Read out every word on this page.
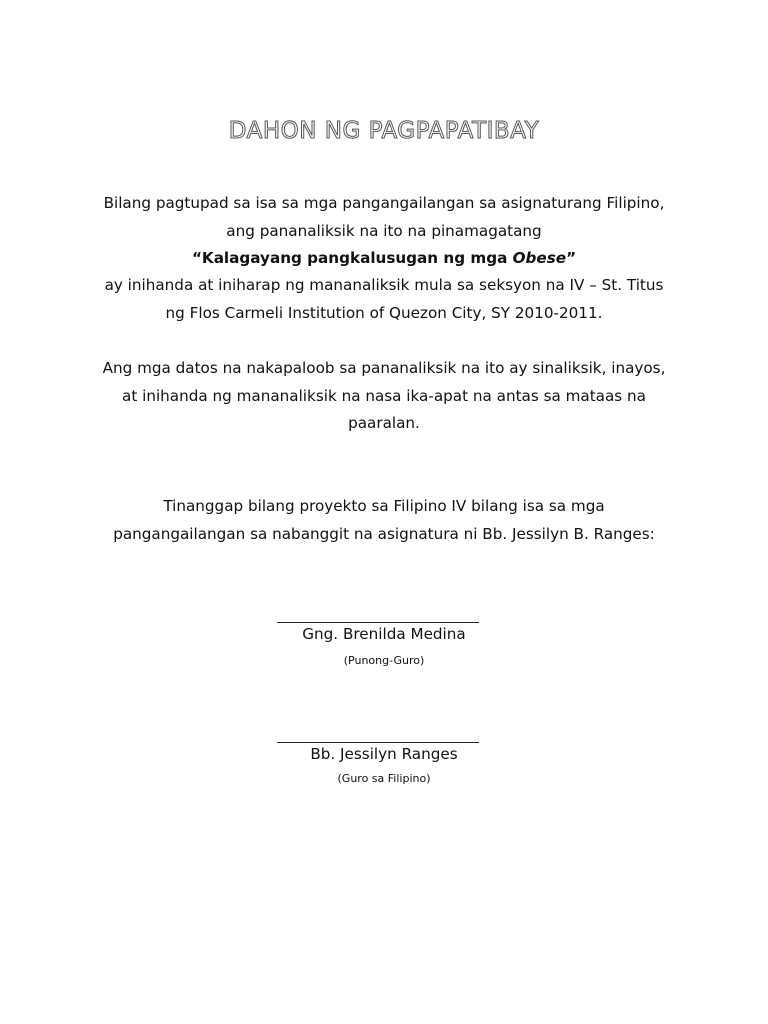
DAHON NG PAGPAPATIBAY
Bilang pagtupad sa isa sa mga pangangailangan sa asignaturang Filipino,
ang pananaliksik na ito na pinamagatang
“Kalagayang pangkalusugan ng mga Obese”
ay inihanda at iniharap ng mananaliksik mula sa seksyon na IV – St. Titus
ng Flos Carmeli Institution of Quezon City, SY 2010-2011.
Ang mga datos na nakapaloob sa pananaliksik na ito ay sinaliksik, inayos,
at inihanda ng mananaliksik na nasa ika-apat na antas sa mataas na
paaralan.
Tinanggap bilang proyekto sa Filipino IV bilang isa sa mga
pangangailangan sa nabanggit na asignatura ni Bb. Jessilyn B. Ranges:
Gng. Brenilda Medina
(Punong-Guro)
Bb. Jessilyn Ranges
(Guro sa Filipino)
